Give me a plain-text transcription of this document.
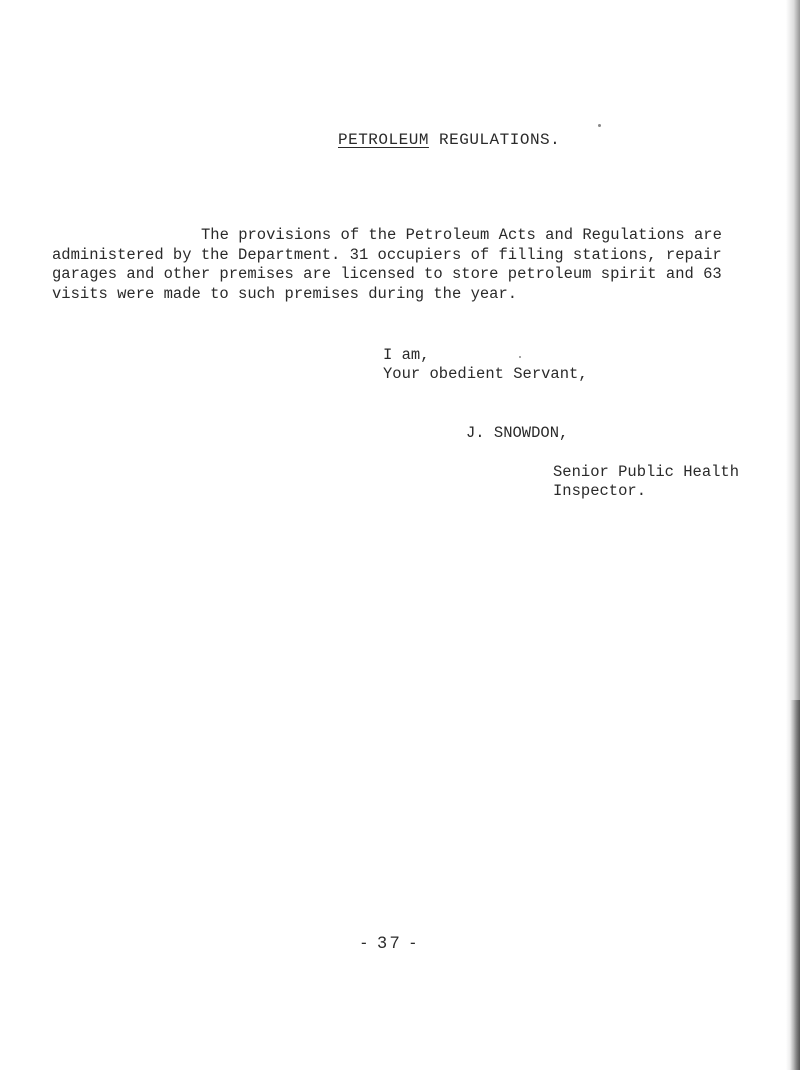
PETROLEUM REGULATIONS.

The provisions of the Petroleum Acts and Regulations are
administered by the Department. 31 occupiers of filling stations, repair
garages and other premises are licensed to store petroleum spirit and 63
visits were made to such premises during the year.

I am,

Your obedient Servant,

J. SNOWDON,

Senior Public Health

Inspector.

- 37 -
